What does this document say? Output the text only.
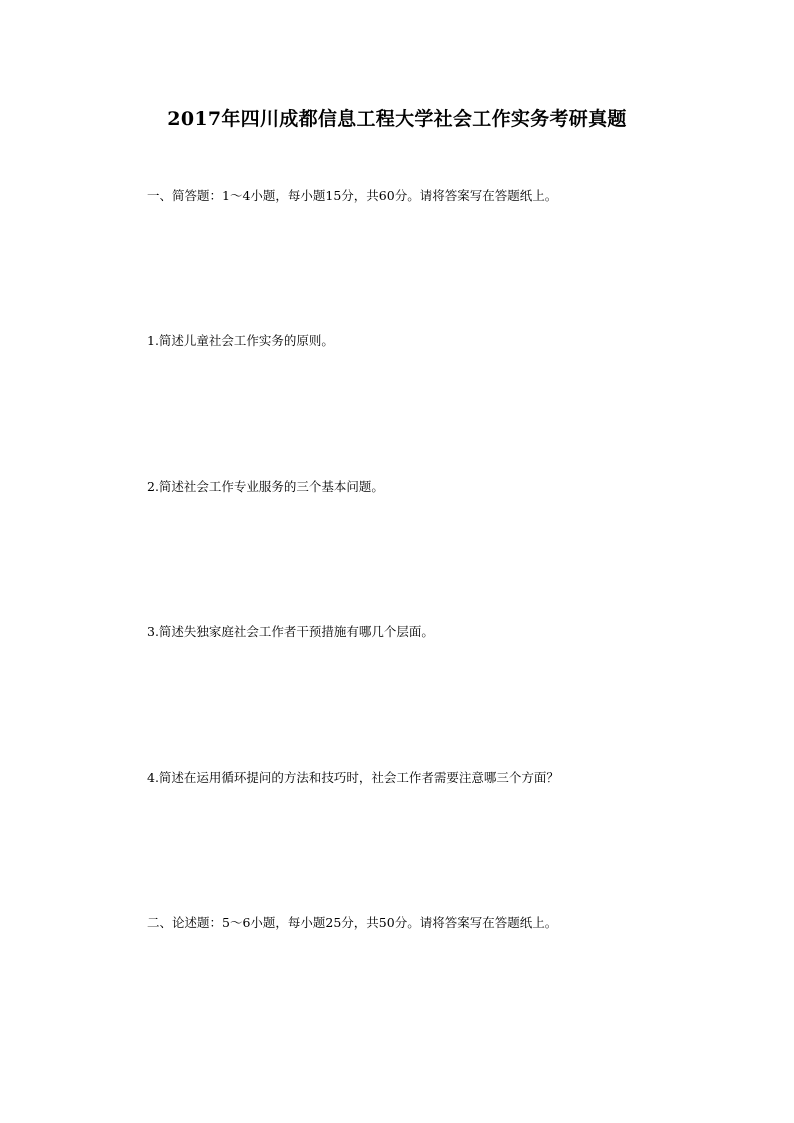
2017年四川成都信息工程大学社会工作实务考研真题
一、简答题：1～4小题，每小题15分，共60分。请将答案写在答题纸上。
1.简述儿童社会工作实务的原则。
2.简述社会工作专业服务的三个基本问题。
3.简述失独家庭社会工作者干预措施有哪几个层面。
4.简述在运用循环提问的方法和技巧时，社会工作者需要注意哪三个方面？
二、论述题：5～6小题，每小题25分，共50分。请将答案写在答题纸上。
